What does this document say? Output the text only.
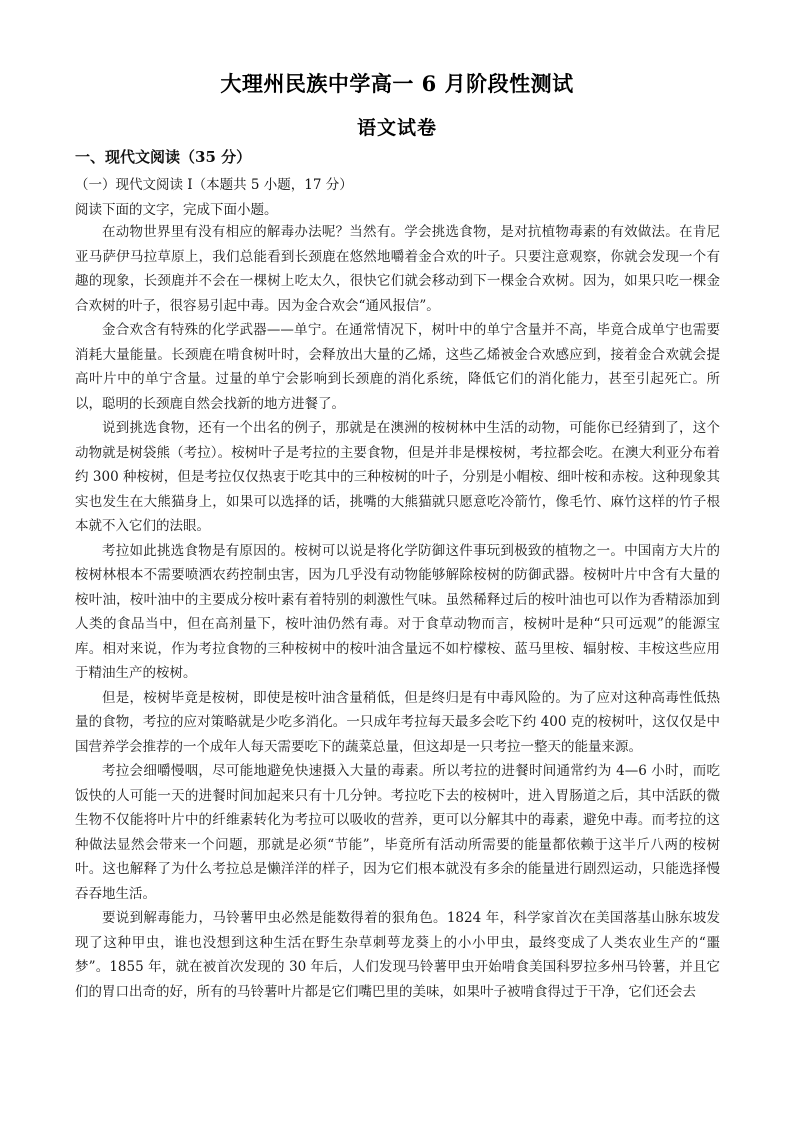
大理州民族中学高一 6 月阶段性测试
语文试卷
一、现代文阅读（35 分）
（一）现代文阅读 I（本题共 5 小题，17 分）
阅读下面的文字，完成下面小题。

在动物世界里有没有相应的解毒办法呢？当然有。学会挑选食物，是对抗植物毒素的有效做法。在肯尼亚马萨伊马拉草原上，我们总能看到长颈鹿在悠然地嚼着金合欢的叶子。只要注意观察，你就会发现一个有趣的现象，长颈鹿并不会在一棵树上吃太久，很快它们就会移动到下一棵金合欢树。因为，如果只吃一棵金合欢树的叶子，很容易引起中毒。因为金合欢会“通风报信”。

金合欢含有特殊的化学武器——单宁。在通常情况下，树叶中的单宁含量并不高，毕竟合成单宁也需要消耗大量能量。长颈鹿在啃食树叶时，会释放出大量的乙烯，这些乙烯被金合欢感应到，接着金合欢就会提高叶片中的单宁含量。过量的单宁会影响到长颈鹿的消化系统，降低它们的消化能力，甚至引起死亡。所以，聪明的长颈鹿自然会找新的地方进餐了。

说到挑选食物，还有一个出名的例子，那就是在澳洲的桉树林中生活的动物，可能你已经猜到了，这个动物就是树袋熊（考拉）。桉树叶子是考拉的主要食物，但是并非是棵桉树，考拉都会吃。在澳大利亚分布着约 300 种桉树，但是考拉仅仅热衷于吃其中的三种桉树的叶子，分别是小帽桉、细叶桉和赤桉。这种现象其实也发生在大熊猫身上，如果可以选择的话，挑嘴的大熊猫就只愿意吃冷箭竹，像毛竹、麻竹这样的竹子根本就不入它们的法眼。

考拉如此挑选食物是有原因的。桉树可以说是将化学防御这件事玩到极致的植物之一。中国南方大片的桉树林根本不需要喷洒农药控制虫害，因为几乎没有动物能够解除桉树的防御武器。桉树叶片中含有大量的桉叶油，桉叶油中的主要成分桉叶素有着特别的刺激性气味。虽然稀释过后的桉叶油也可以作为香精添加到人类的食品当中，但在高剂量下，桉叶油仍然有毒。对于食草动物而言，桉树叶是种“只可远观”的能源宝库。相对来说，作为考拉食物的三种桉树中的桉叶油含量远不如柠檬桉、蓝马里桉、辐射桉、丰桉这些应用于精油生产的桉树。

但是，桉树毕竟是桉树，即使是桉叶油含量稍低，但是终归是有中毒风险的。为了应对这种高毒性低热量的食物，考拉的应对策略就是少吃多消化。一只成年考拉每天最多会吃下约 400 克的桉树叶，这仅仅是中国营养学会推荐的一个成年人每天需要吃下的蔬菜总量，但这却是一只考拉一整天的能量来源。

考拉会细嚼慢咽，尽可能地避免快速摄入大量的毒素。所以考拉的进餐时间通常约为 4—6 小时，而吃饭快的人可能一天的进餐时间加起来只有十几分钟。考拉吃下去的桉树叶，进入胃肠道之后，其中活跃的微生物不仅能将叶片中的纤维素转化为考拉可以吸收的营养，更可以分解其中的毒素，避免中毒。而考拉的这种做法显然会带来一个问题，那就是必须“节能”，毕竟所有活动所需要的能量都依赖于这半斤八两的桉树叶。这也解释了为什么考拉总是懒洋洋的样子，因为它们根本就没有多余的能量进行剧烈运动，只能选择慢吞吞地生活。

要说到解毒能力，马铃薯甲虫必然是能数得着的狠角色。1824 年，科学家首次在美国落基山脉东坡发现了这种甲虫，谁也没想到这种生活在野生杂草刺萼龙葵上的小小甲虫，最终变成了人类农业生产的“噩梦”。1855 年，就在被首次发现的 30 年后，人们发现马铃薯甲虫开始啃食美国科罗拉多州马铃薯，并且它们的胃口出奇的好，所有的马铃薯叶片都是它们嘴巴里的美味，如果叶子被啃食得过于干净，它们还会去
